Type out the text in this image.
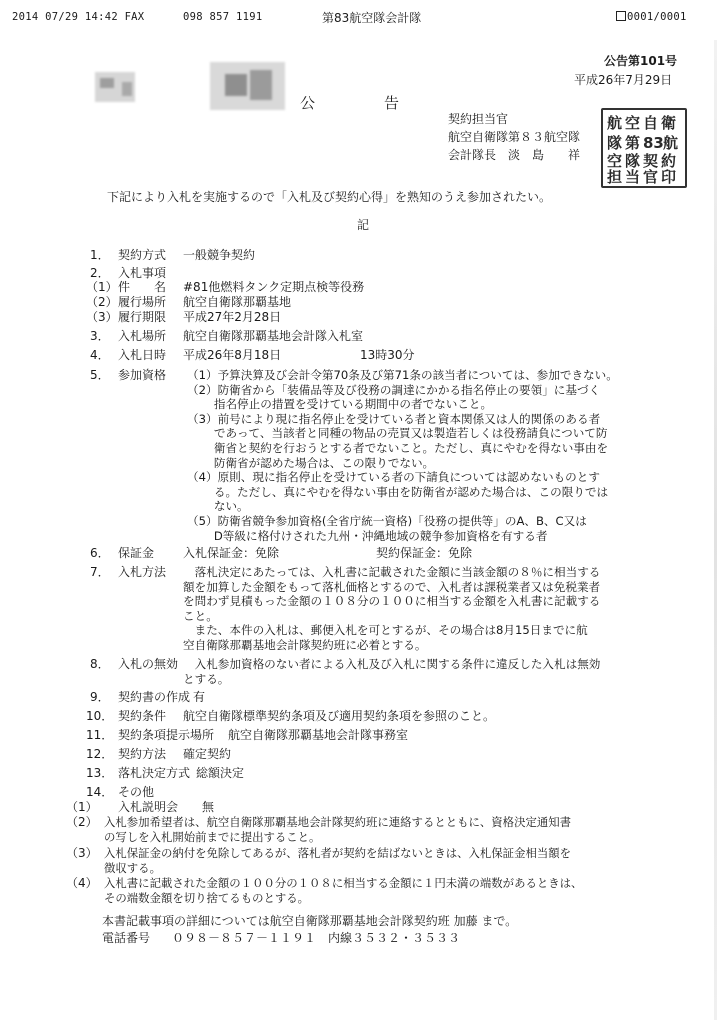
2014 07/29 14:42 FAX	098 857 1191	第83航空隊会計隊	0001/0001
公告第101号
平成26年7月29日
公　　　告
契約担当官
航空自衛隊第８３航空隊
会計隊長　淡　島　　祥
航 空 自 衛
隊 第 83 航
空 隊 契 約
担 当 官 印
下記により入札を実施するので「入札及び契約心得」を熟知のうえ参加されたい。
記
1． 契約方式 一般競争契約
2． 入札事項
（1） 件　　名 #81他燃料タンク定期点検等役務
（2） 履行場所 航空自衛隊那覇基地
（3） 履行期限 平成27年2月28日
3． 入札場所 航空自衛隊那覇基地会計隊入札室
4． 入札日時 平成26年8月18日	13時30分
5． 参加資格 （1）予算決算及び会計令第70条及び第71条の該当者については、参加できない。
（2）防衛省から「装備品等及び役務の調達にかかる指名停止の要領」に基づく
　　 指名停止の措置を受けている期間中の者でないこと。
（3）前号により現に指名停止を受けている者と資本関係又は人的関係のある者
　　 であって、当該者と同種の物品の売買又は製造若しくは役務請負について防
　　 衛省と契約を行おうとする者でないこと。ただし、真にやむを得ない事由を
　　 防衛省が認めた場合は、この限りでない。
（4）原則、現に指名停止を受けている者の下請負については認めないものとす
　　 る。ただし、真にやむを得ない事由を防衛省が認めた場合は、この限りでは
　　 ない。
（5）防衛省競争参加資格(全省庁統一資格)「役務の提供等」のA、B、C又は
　　 D等級に格付けされた九州・沖縄地域の競争参加資格を有する者
6． 保証金 入札保証金：免除	契約保証金：免除
7． 入札方法 　落札決定にあたっては、入札書に記載された金額に当該金額の８％に相当する
額を加算した金額をもって落札価格とするので、入札者は課税業者又は免税業者
を問わず見積もった金額の１０８分の１００に相当する金額を入札書に記載する
こと。
　また、本件の入札は、郵便入札を可とするが、その場合は8月15日までに航
空自衛隊那覇基地会計隊契約班に必着とする。
8． 入札の無効 　入札参加資格のない者による入札及び入札に関する条件に違反した入札は無効
とする。
9． 契約書の作成 有
10． 契約条件 航空自衛隊標準契約条項及び適用契約条項を参照のこと。
11． 契約条項提示場所 航空自衛隊那覇基地会計隊事務室
12． 契約方法 確定契約
13． 落札決定方式 総額決定
14． その他
（1） 入札説明会　　無
（2） 入札参加希望者は、航空自衛隊那覇基地会計隊契約班に連絡するとともに、資格決定通知書
の写しを入札開始前までに提出すること。
（3） 入札保証金の納付を免除してあるが、落札者が契約を結ばないときは、入札保証金相当額を
徴収する。
（4） 入札書に記載された金額の１００分の１０８に相当する金額に１円未満の端数があるときは、
その端数金額を切り捨てるものとする。
本書記載事項の詳細については航空自衛隊那覇基地会計隊契約班 加藤 まで。
電話番号 ０９８－８５７－１１９１　内線３５３２・３５３３
